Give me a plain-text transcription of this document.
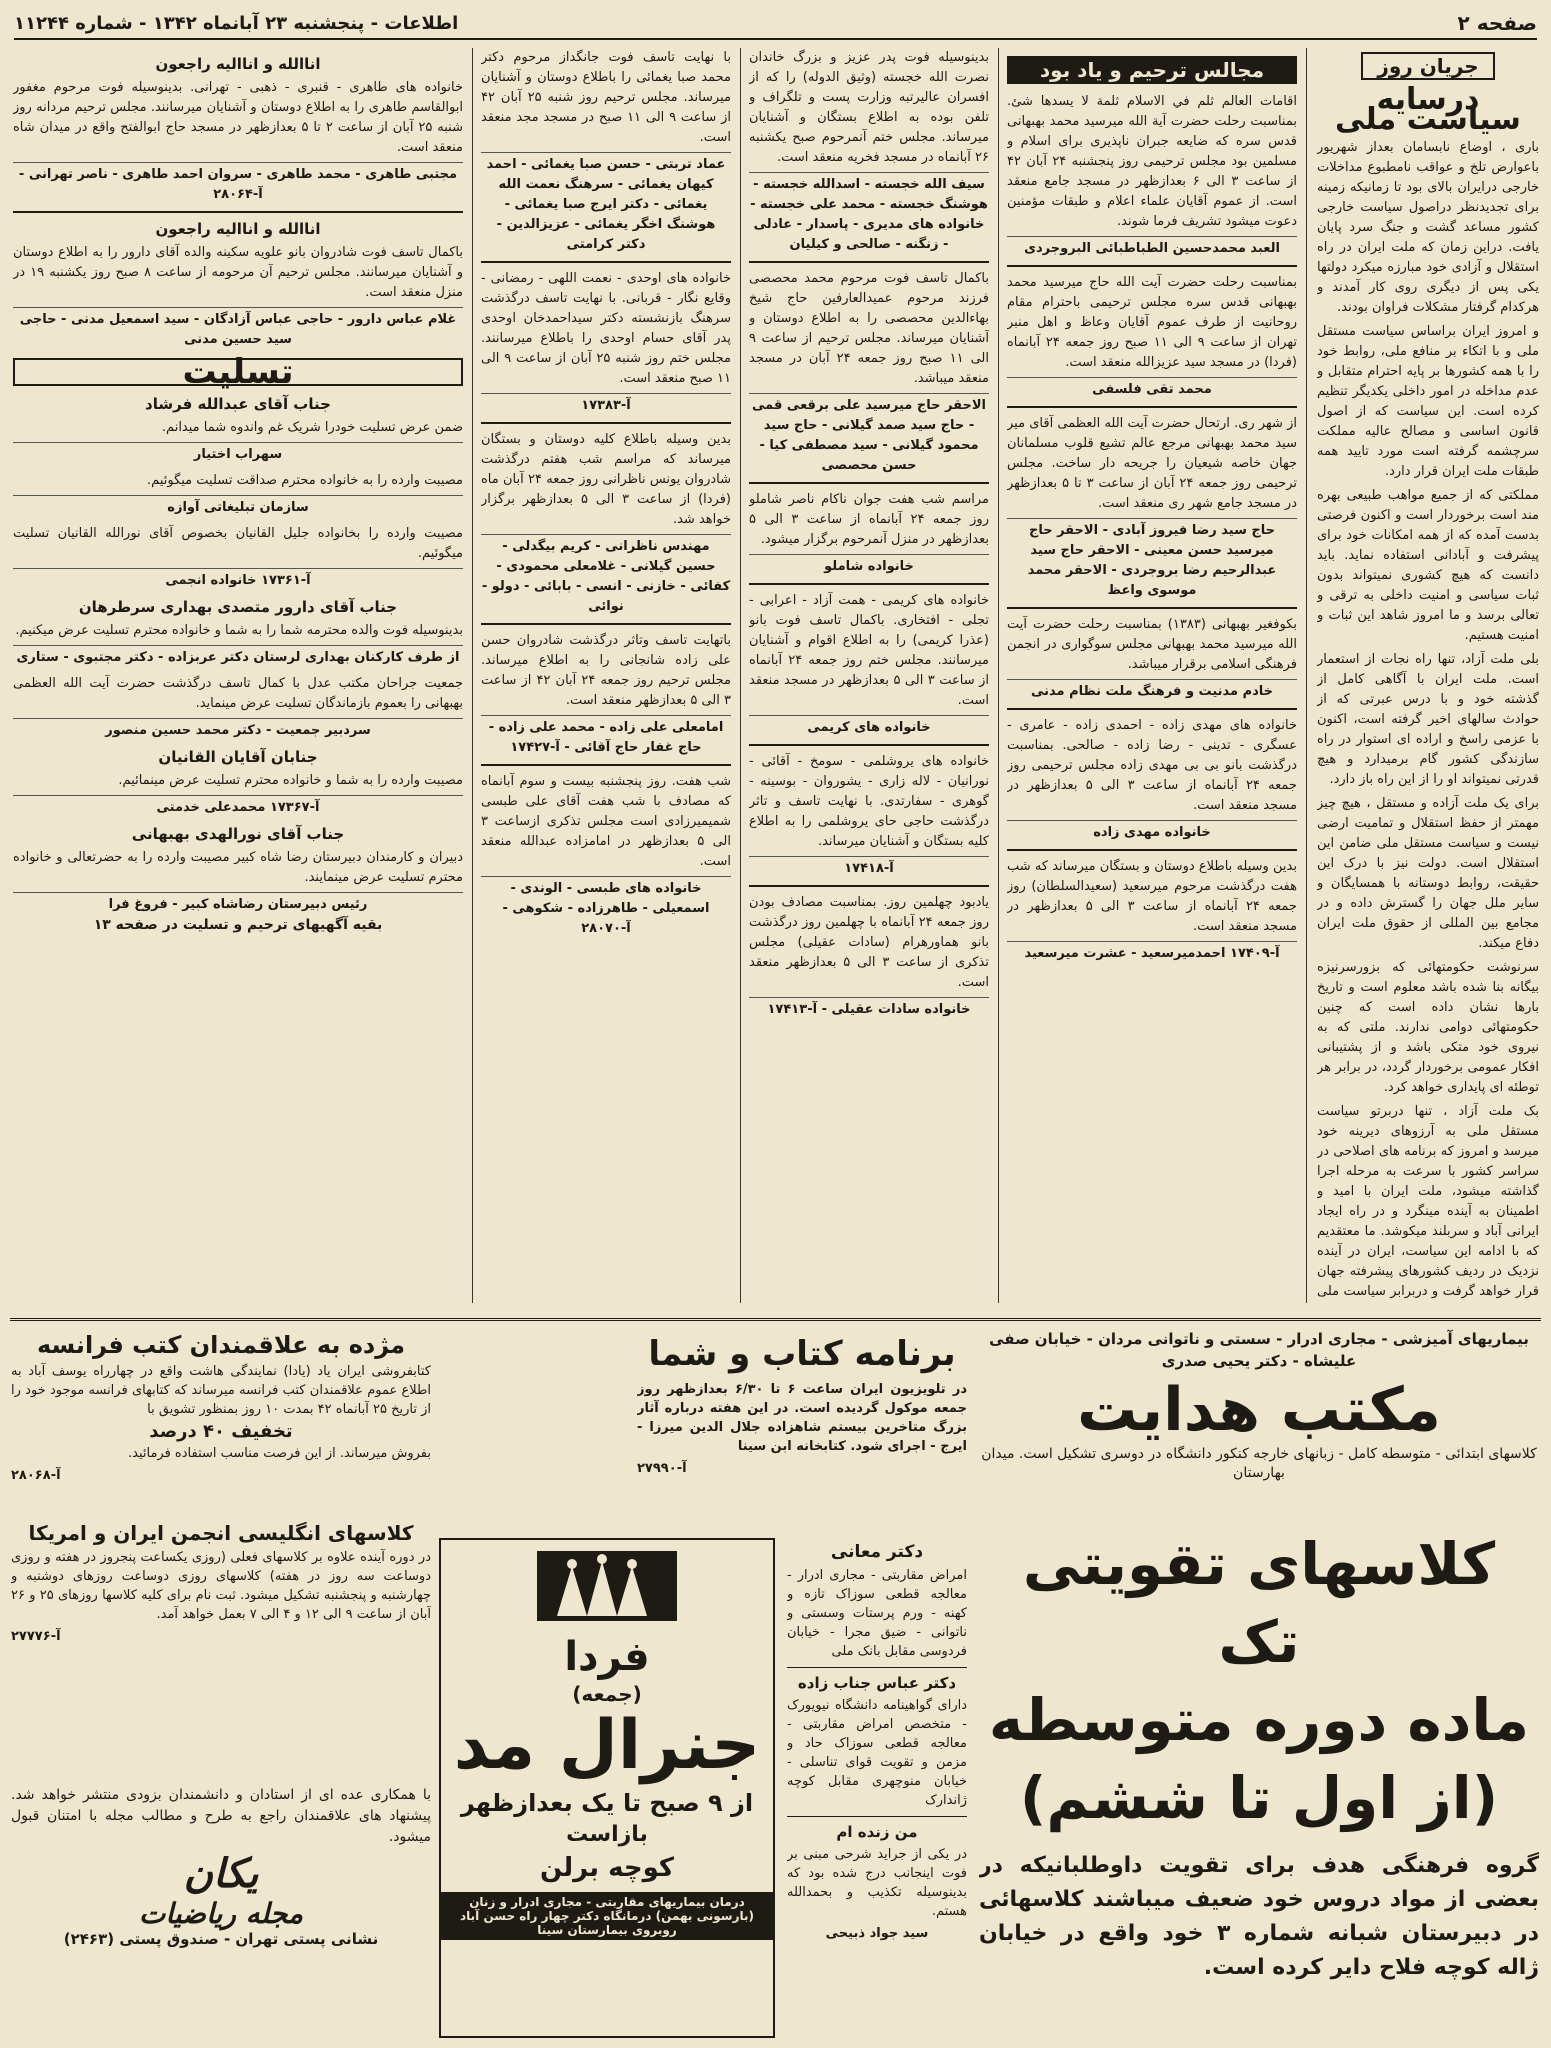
صفحه ۲
اطلاعات - پنجشنبه ۲۳ آبانماه ۱۳۴۲ - شماره ۱۱۲۴۴
جریان روز
درسایه سیاست ملی

باری ، اوضاع نابسامان بعداز شهریور باعوارض تلخ و عواقب نامطبوع مداخلات خارجی درایران بالای بود تا زمانیکه زمینه برای تجدیدنظر دراصول سیاست خارجی کشور مساعد گشت و جنگ سرد پایان یافت. دراین زمان که ملت ایران در راه استقلال و آزادی خود مبارزه میکرد دولتها یکی پس از دیگری روی کار آمدند و هرکدام گرفتار مشکلات فراوان بودند.

و امروز ایران براساس سیاست مستقل ملی و با اتکاء بر منافع ملی، روابط خود را با همه کشورها بر پایه احترام متقابل و عدم مداخله در امور داخلی یکدیگر تنظیم کرده است. این سیاست که از اصول قانون اساسی و مصالح عالیه مملکت سرچشمه گرفته است مورد تایید همه طبقات ملت ایران قرار دارد.

مملکتی که از جمیع مواهب طبیعی بهره مند است برخوردار است و اکنون فرصتی بدست آمده که از همه امکانات خود برای پیشرفت و آبادانی استفاده نماید. باید دانست که هیچ کشوری نمیتواند بدون ثبات سیاسی و امنیت داخلی به ترقی و تعالی برسد و ما امروز شاهد این ثبات و امنیت هستیم.

بلی ملت آزاد، تنها راه نجات از استعمار است. ملت ایران با آگاهی کامل از گذشته خود و با درس عبرتی که از حوادث سالهای اخیر گرفته است، اکنون با عزمی راسخ و اراده ای استوار در راه سازندگی کشور گام برمیدارد و هیچ قدرتی نمیتواند او را از این راه باز دارد.

برای یک ملت آزاده و مستقل ، هیچ چیز مهمتر از حفظ استقلال و تمامیت ارضی نیست و سیاست مستقل ملی ضامن این استقلال است. دولت نیز با درک این حقیقت، روابط دوستانه با همسایگان و سایر ملل جهان را گسترش داده و در مجامع بین المللی از حقوق ملت ایران دفاع میکند.

سرنوشت حکومتهائی که بزورسرنیزه بیگانه بنا شده باشد معلوم است و تاریخ بارها نشان داده است که چنین حکومتهائی دوامی ندارند. ملتی که به نیروی خود متکی باشد و از پشتیبانی افکار عمومی برخوردار گردد، در برابر هر توطئه ای پایداری خواهد کرد.

بک ملت آزاد ، تنها دربرتو سیاست مستقل ملی به آرزوهای دیرینه خود میرسد و امروز که برنامه های اصلاحی در سراسر کشور با سرعت به مرحله اجرا گذاشته میشود، ملت ایران با امید و اطمینان به آینده مینگرد و در راه ایجاد ایرانی آباد و سربلند میکوشد. ما معتقدیم که با ادامه این سیاست، ایران در آینده نزدیک در ردیف کشورهای پیشرفته جهان قرار خواهد گرفت و دربرابر سیاست ملی

مجالس ترحیم و یاد بود

اقامات العالم ثلم في الاسلام ثلمة لا يسدها شئ. بمناسبت رحلت حضرت آیة الله میرسید محمد بهبهانی قدس سره که ضایعه جبران ناپذیری برای اسلام و مسلمین بود مجلس ترحیمی روز پنجشنبه ۲۴ آبان ۴۲ از ساعت ۳ الی ۶ بعدازظهر در مسجد جامع منعقد است. از عموم آقایان علماء اعلام و طبقات مؤمنین دعوت میشود تشریف فرما شوند.

العبد محمدحسین الطباطبائی البروجردی

بمناسبت رحلت حضرت آیت الله حاج میرسید محمد بهبهانی قدس سره مجلس ترحیمی باحترام مقام روحانیت از طرف عموم آقایان وعاظ و اهل منبر تهران از ساعت ۹ الی ۱۱ صبح روز جمعه ۲۴ آبانماه (فردا) در مسجد سید عزیزالله منعقد است.

محمد تقی فلسفی

از شهر ری. ارتحال حضرت آیت الله العظمی آقای میر سید محمد بهبهانی مرجع عالم تشیع قلوب مسلمانان جهان خاصه شیعیان را جریحه دار ساخت. مجلس ترحیمی روز جمعه ۲۴ آبان از ساعت ۳ تا ۵ بعدازظهر در مسجد جامع شهر ری منعقد است.

حاج سید رضا فیروز آبادی - الاحقر حاج میرسید حسن معینی - الاحقر حاج سید عبدالرحیم رضا بروجردی - الاحقر محمد موسوی واعظ

بکوفغیر بهبهانی (۱۳۸۳) بمناسبت رحلت حضرت آیت الله میرسید محمد بهبهانی مجلس سوگواری در انجمن فرهنگی اسلامی برقرار میباشد.

خادم مدنیت و فرهنگ ملت نظام مدنی

خانواده های مهدی زاده - احمدی زاده - عامری - عسگری - تدینی - رضا زاده - صالحی. بمناسبت درگذشت بانو بی بی مهدی زاده مجلس ترحیمی روز جمعه ۲۴ آبانماه از ساعت ۳ الی ۵ بعدازظهر در مسجد منعقد است.

خانواده مهدی زاده

بدین وسیله باطلاع دوستان و بستگان میرساند که شب هفت درگذشت مرحوم میرسعید (سعیدالسلطان) روز جمعه ۲۴ آبانماه از ساعت ۳ الی ۵ بعدازظهر در مسجد منعقد است.

آ-۱۷۴۰۹ احمدمیرسعید - عشرت میرسعید

بدینوسیله فوت پدر عزیز و بزرگ خاندان نصرت الله خجسته (وثیق الدوله) را که از افسران عالیرتبه وزارت پست و تلگراف و تلفن بوده به اطلاع بستگان و آشنایان میرساند. مجلس ختم آنمرحوم صبح یکشنبه ۲۶ آبانماه در مسجد فخریه منعقد است.

سیف الله خجسته - اسدالله خجسته - هوشنگ خجسته - محمد علی خجسته - خانواده های مدیری - پاسدار - عادلی - زنگنه - صالحی و کیلیان

باکمال تاسف فوت مرحوم محمد محصصی فرزند مرحوم عمیدالعارفین حاج شیخ بهاءالدین محصصی را به اطلاع دوستان و آشنایان میرساند. مجلس ترحیم از ساعت ۹ الی ۱۱ صبح روز جمعه ۲۴ آبان در مسجد منعقد میباشد.

الاحقر حاج میرسید علی برقعی قمی - حاج سید صمد گیلانی - حاج سید محمود گیلانی - سید مصطفی کیا - حسن محصصی

مراسم شب هفت جوان ناکام ناصر شاملو روز جمعه ۲۴ آبانماه از ساعت ۳ الی ۵ بعدازظهر در منزل آنمرحوم برگزار میشود.

خانواده شاملو

خانواده های کریمی - همت آزاد - اعرابی - تجلی - افتخاری. باکمال تاسف فوت بانو (عذرا کریمی) را به اطلاع اقوام و آشنایان میرسانند. مجلس ختم روز جمعه ۲۴ آبانماه از ساعت ۳ الی ۵ بعدازظهر در مسجد منعقد است.

خانواده های کریمی

خانواده های یروشلمی - سومخ - آقائی - نورانیان - لاله زاری - یشوروان - بوسینه - گوهری - سفارتدی. با نهایت تاسف و تاثر درگذشت حاجی حای یروشلمی را به اطلاع کلیه بستگان و آشنایان میرساند.

آ-۱۷۴۱۸

یادبود چهلمین روز. بمناسبت مصادف بودن روز جمعه ۲۴ آبانماه با چهلمین روز درگذشت بانو هماورهرام (سادات عقیلی) مجلس تذکری از ساعت ۳ الی ۵ بعدازظهر منعقد است.

خانواده سادات عقیلی - آ-۱۷۴۱۳

با نهایت تاسف فوت جانگداز مرحوم دکتر محمد صبا یغمائی را باطلاع دوستان و آشنایان میرساند. مجلس ترحیم روز شنبه ۲۵ آبان ۴۲ از ساعت ۹ الی ۱۱ صبح در مسجد مجد منعقد است.

عماد تربتی - حسن صبا یغمائی - احمد کیهان یغمائی - سرهنگ نعمت الله یغمائی - دکتر ایرج صبا یغمائی - هوشنگ اخگر یغمائی - عزیزالدین - دکتر کرامتی

خانواده های اوحدی - نعمت اللهی - رمضانی - وقایع نگار - قربانی. با نهایت تاسف درگذشت سرهنگ بازنشسته دکتر سیداحمدخان اوحدی پدر آقای حسام اوحدی را باطلاع میرسانند. مجلس ختم روز شنبه ۲۵ آبان از ساعت ۹ الی ۱۱ صبح منعقد است.

آ-۱۷۳۸۳

بدین وسیله باطلاع کلیه دوستان و بستگان میرساند که مراسم شب هفتم درگذشت شادروان یونس ناظرانی روز جمعه ۲۴ آبان ماه (فردا) از ساعت ۳ الی ۵ بعدازظهر برگزار خواهد شد.

مهندس ناظرانی - کریم بیگدلی - حسین گیلانی - غلامعلی محمودی - کفائی - خازنی - انسی - بابائی - دولو - نوائی

باتهایت تاسف وتاثر درگذشت شادروان حسن علی زاده شانجانی را به اطلاع میرساند. مجلس ترحیم روز جمعه ۲۴ آبان ۴۲ از ساعت ۳ الی ۵ بعدازظهر منعقد است.

امامعلی علی زاده - محمد علی زاده - حاج غفار حاج آقائی - آ-۱۷۴۲۷

شب هفت. روز پنجشنبه بیست و سوم آبانماه که مصادف با شب هفت آقای علی طبسی شمیمیرزادی است مجلس تذکری ازساعت ۳ الی ۵ بعدازظهر در امامزاده عبدالله منعقد است.

خانواده های طبسی - الوندی - اسمعیلی - طاهرزاده - شکوهی - آ-۲۸۰۷۰
اناالله و انااليه راجعون

خانواده های طاهری - قنبری - ذهبی - تهرانی. بدینوسیله فوت مرحوم مغفور ابوالقاسم طاهری را به اطلاع دوستان و آشنایان میرسانند. مجلس ترحیم مردانه روز شنبه ۲۵ آبان از ساعت ۲ تا ۵ بعدازظهر در مسجد حاج ابوالفتح واقع در میدان شاه منعقد است.

مجتبی طاهری - محمد طاهری - سروان احمد طاهری - ناصر تهرانی - آ-۲۸۰۶۴
اناالله و انااليه راجعون

باکمال تاسف فوت شادروان بانو علویه سکینه والده آقای دارور را به اطلاع دوستان و آشنایان میرسانند. مجلس ترحیم آن مرحومه از ساعت ۸ صبح روز یکشنبه ۱۹ در منزل منعقد است.

غلام عباس دارور - حاجی عباس آزادگان - سید اسمعیل مدنی - حاجی سید حسین مدنی
تسلیت
جناب آقای عبدالله فرشاد

ضمن عرض تسلیت خودرا شریک غم واندوه شما میدانم.

سهراب اختیار

مصیبت وارده را به خانواده محترم صداقت تسلیت میگوئیم.

سازمان تبلیغاتی آوازه

مصیبت وارده را بخانواده جلیل القانیان بخصوص آقای نورالله القانیان تسلیت میگوئیم.

آ-۱۷۳۶۱ خانواده انجمی
جناب آقای دارور متصدی بهداری سرطرهان

بدینوسیله فوت والده محترمه شما را به شما و خانواده محترم تسلیت عرض میکنیم.

از طرف کارکنان بهداری لرستان دکتر عربزاده - دکتر مجتبوی - ستاری

جمعیت جراحان مکتب عدل با کمال تاسف درگذشت حضرت آیت الله العظمی بهبهانی را بعموم بازماندگان تسلیت عرض مینماید.

سردبیر جمعیت - دکتر محمد حسین منصور
جنابان آقایان القانیان

مصیبت وارده را به شما و خانواده محترم تسلیت عرض مینمائیم.

آ-۱۷۳۶۷ محمدعلی خدمتی
جناب آقای نورالهدی بهبهانی

دبیران و کارمندان دبیرستان رضا شاه کبیر مصیبت وارده را به حضرتعالی و خانواده محترم تسلیت عرض مینمایند.

رئیس دبیرستان رضاشاه کبیر - فروغ فرا
بقیه آگهیهای ترحیم و تسلیت در صفحه ۱۳

بیماریهای آمیزشی - مجاری ادرار - سستی و ناتوانی مردان - خیابان صفی علیشاه - دکتر یحیی صدری

مکتب هدایت

کلاسهای ابتدائی - متوسطه کامل - زبانهای خارجه کنکور دانشگاه در دوسری تشکیل است. میدان بهارستان

کلاسهای تقویتی تک
ماده دوره متوسطه
(از اول تا ششم)
گروه فرهنگی هدف برای تقویت داوطلبانیکه در بعضی از مواد دروس خود ضعیف میباشند کلاسهائی در دبیرستان شبانه شماره ۳ خود واقع در خیابان ژاله کوچه فلاح دایر کرده است.
برنامه کتاب و شما

در تلویزیون ایران ساعت ۶ تا ۶/۳۰ بعدازظهر روز جمعه موکول گردیده است. در این هفته درباره آثار بزرگ متاخرین بیستم شاهزاده جلال الدین میرزا - ایرج - اجرای شود. کتابخانه ابن سینا

آ-۲۷۹۹۰

دکتر معانی

امراض مقاربتی - مجاری ادرار - معالجه قطعی سوزاک تازه و کهنه - ورم پرستات وسستی و ناتوانی - ضیق مجرا - خیابان فردوسی مقابل بانک ملی

دکتر عباس جناب زاده

دارای گواهینامه دانشگاه نیویورک - متخصص امراض مقاربتی - معالجه قطعی سوزاک حاد و مزمن و تقویت قوای تناسلی - خیابان منوچهری مقابل کوچه ژاندارک

من زنده ام

در یکی از جراید شرحی مبنی بر فوت اینجانب درج شده بود که بدینوسیله تکذیب و بحمدالله هستم.

سید جواد ذبیحی

فردا
(جمعه)
جنرال مد
از ۹ صبح تا یک بعدازظهر
بازاست
کوچه برلن
درمان بیماریهای مقاربتی - مجاری ادرار و زنان (بارسونی بهمن) درمانگاه دکتر چهار راه حسن آباد روبروی بیمارستان سینا
مژده به علاقمندان کتب فرانسه

کتابفروشی ایران یاد (یادا) نمایندگی هاشت واقع در چهارراه یوسف آباد به اطلاع عموم علاقمندان کتب فرانسه میرساند که کتابهای فرانسه موجود خود را از تاریخ ۲۵ آبانماه ۴۲ بمدت ۱۰ روز بمنظور تشویق با

تخفیف ۴۰ درصد

بفروش میرساند. از این فرصت مناسب استفاده فرمائید.

آ-۲۸۰۶۸

کلاسهای انگلیسی انجمن ایران و امریکا

در دوره آینده علاوه بر کلاسهای فعلی (روزی یکساعت پنجروز در هفته و روزی دوساعت سه روز در هفته) کلاسهای روزی دوساعت روزهای دوشنبه و چهارشنبه و پنجشنبه تشکیل میشود. ثبت نام برای کلیه کلاسها روزهای ۲۵ و ۲۶ آبان از ساعت ۹ الی ۱۲ و ۴ الی ۷ بعمل خواهد آمد.

آ-۲۷۷۷۶

با همکاری عده ای از استادان و دانشمندان بزودی منتشر خواهد شد. پیشنهاد های علاقمندان راجع به طرح و مطالب مجله با امتنان قبول میشود.

یکان
مجله ریاضیات

نشانی پستی تهران - صندوق پستی (۲۴۶۳)
